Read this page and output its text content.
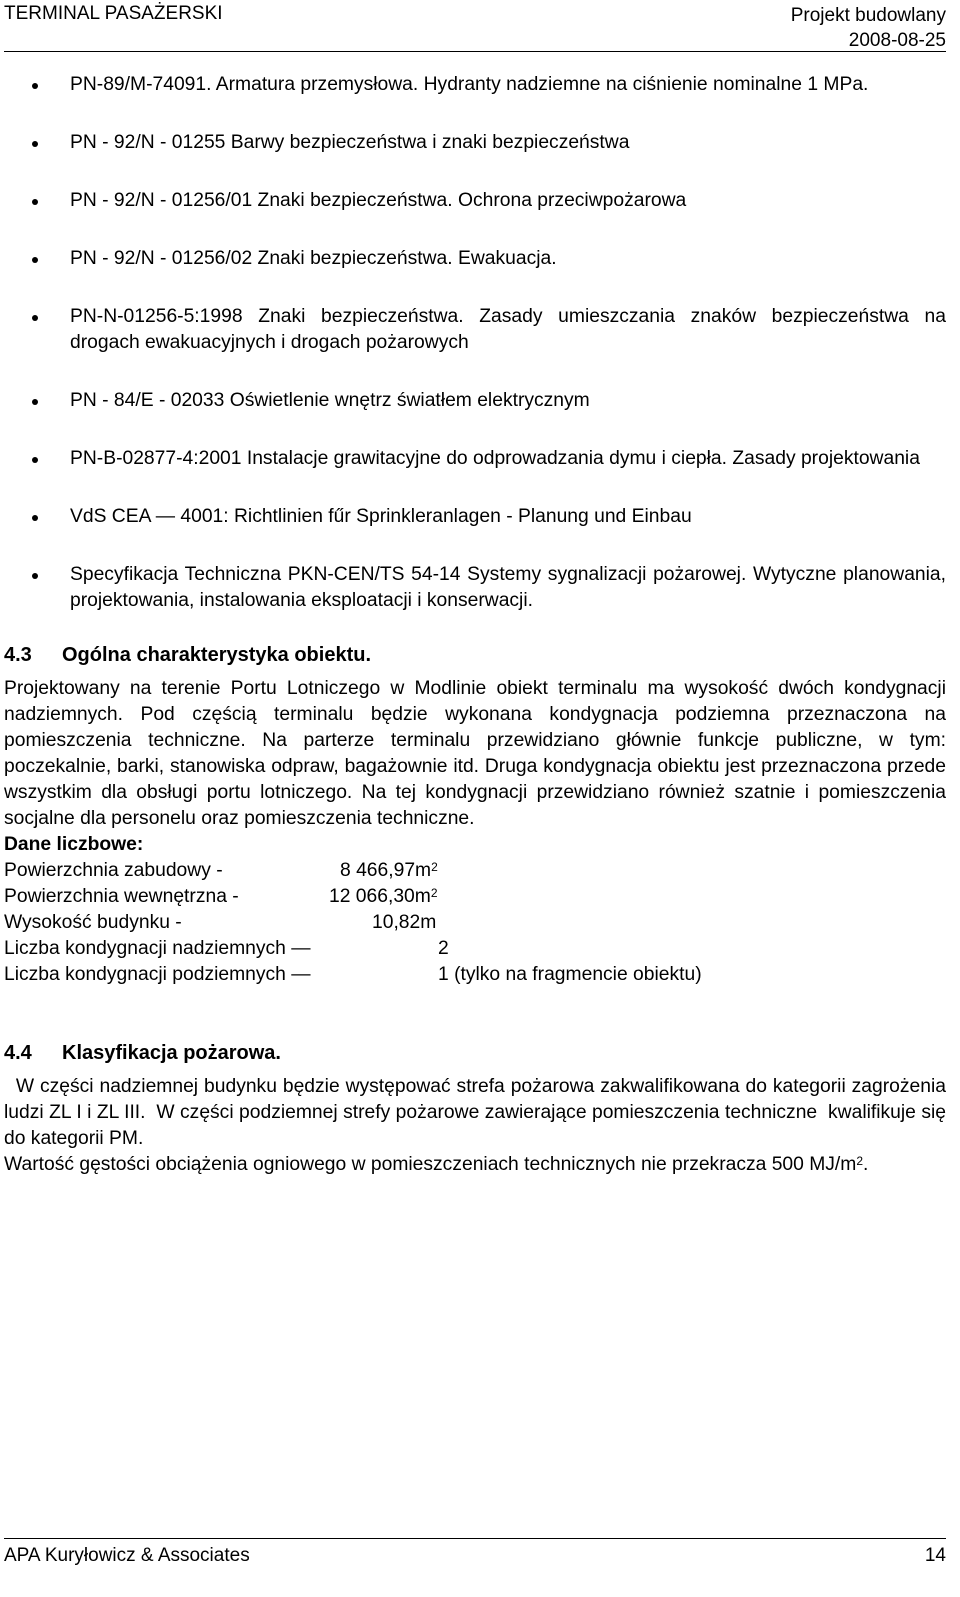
TERMINAL PASAŻERSKI	Projekt budowlany
2008-08-25
PN-89/M-74091. Armatura przemysłowa. Hydranty nadziemne na ciśnienie nominalne 1 MPa.
PN - 92/N - 01255 Barwy bezpieczeństwa i znaki bezpieczeństwa
PN - 92/N - 01256/01 Znaki bezpieczeństwa. Ochrona przeciwpożarowa
PN - 92/N - 01256/02 Znaki bezpieczeństwa. Ewakuacja.
PN-N-01256-5:1998 Znaki bezpieczeństwa. Zasady umieszczania znaków bezpieczeństwa na drogach ewakuacyjnych i drogach pożarowych
PN - 84/E - 02033 Oświetlenie wnętrz światłem elektrycznym
PN-B-02877-4:2001 Instalacje grawitacyjne do odprowadzania dymu i ciepła. Zasady projektowania
VdS CEA — 4001: Richtlinien fűr Sprinkleranlagen - Planung und Einbau
Specyfikacja Techniczna PKN-CEN/TS 54-14 Systemy sygnalizacji pożarowej. Wytyczne planowania, projektowania, instalowania eksploatacji i konserwacji.
4.3 Ogólna charakterystyka obiektu.

Projektowany na terenie Portu Lotniczego w Modlinie obiekt terminalu ma wysokość dwóch kondygnacji nadziemnych. Pod częścią terminalu będzie wykonana kondygnacja podziemna przeznaczona na pomieszczenia techniczne. Na parterze terminalu przewidziano głównie funkcje publiczne, w tym: poczekalnie, barki, stanowiska odpraw, bagażownie itd. Druga kondygnacja obiektu jest przeznaczona przede wszystkim dla obsługi portu lotniczego. Na tej kondygnacji przewidziano również szatnie i pomieszczenia socjalne dla personelu oraz pomieszczenia techniczne.

Dane liczbowe:
Powierzchnia zabudowy -	8 $466,97m^2$
Powierzchnia wewnętrzna -	12 $066,30m^2$
Wysokość budynku -	10,82m
Liczba kondygnacji nadziemnych —	2
Liczba kondygnacji podziemnych —	1 (tylko na fragmencie obiektu)
4.4 Klasyfikacja pożarowa.

W części nadziemnej budynku będzie występować strefa pożarowa zakwalifikowana do kategorii zagrożenia ludzi ZL I i ZL III.  W części podziemnej strefy pożarowe zawierające pomieszczenia techniczne  kwalifikuje się do kategorii PM.

Wartość gęstości obciążenia ogniowego w pomieszczeniach technicznych nie przekracza 500 $MJ/m^2$.

APA Kuryłowicz & Associates	14
